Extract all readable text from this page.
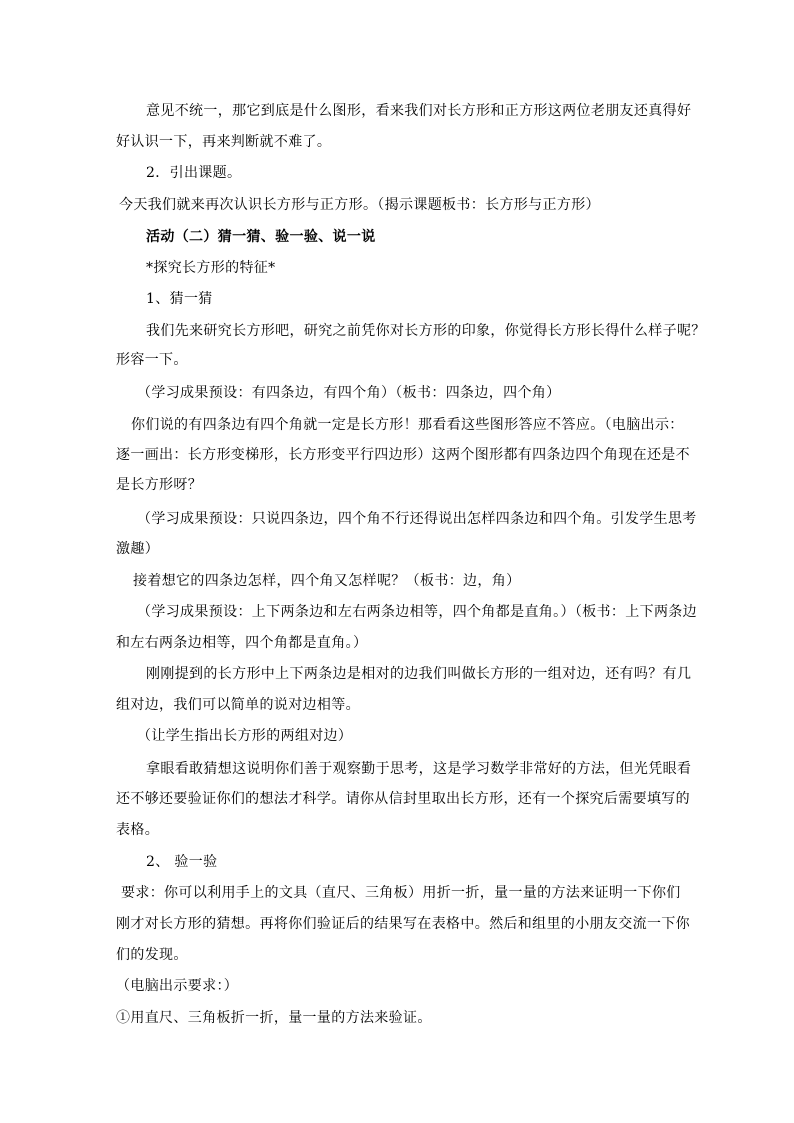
意见不统一，那它到底是什么图形，看来我们对长方形和正方形这两位老朋友还真得好
好认识一下，再来判断就不难了。
2．引出课题。
今天我们就来再次认识长方形与正方形。（揭示课题板书：长方形与正方形）
活动（二）猜一猜、验一验、说一说
*探究长方形的特征*
1、猜一猜
我们先来研究长方形吧，研究之前凭你对长方形的印象，你觉得长方形长得什么样子呢？
形容一下。
（学习成果预设：有四条边，有四个角）（板书：四条边，四个角）
你们说的有四条边有四个角就一定是长方形！那看看这些图形答应不答应。（电脑出示：
逐一画出：长方形变梯形，长方形变平行四边形）这两个图形都有四条边四个角现在还是不
是长方形呀？
（学习成果预设：只说四条边，四个角不行还得说出怎样四条边和四个角。引发学生思考
激趣）
接着想它的四条边怎样，四个角又怎样呢？（板书：边，角）
（学习成果预设：上下两条边和左右两条边相等，四个角都是直角。）（板书：上下两条边
和左右两条边相等，四个角都是直角。）
刚刚提到的长方形中上下两条边是相对的边我们叫做长方形的一组对边，还有吗？有几
组对边，我们可以简单的说对边相等。
（让学生指出长方形的两组对边）
拿眼看敢猜想这说明你们善于观察勤于思考，这是学习数学非常好的方法，但光凭眼看
还不够还要验证你们的想法才科学。请你从信封里取出长方形，还有一个探究后需要填写的
表格。
2、 验一验
要求：你可以利用手上的文具（直尺、三角板）用折一折，量一量的方法来证明一下你们
刚才对长方形的猜想。再将你们验证后的结果写在表格中。然后和组里的小朋友交流一下你
们的发现。
（电脑出示要求：）
①用直尺、三角板折一折，量一量的方法来验证。
